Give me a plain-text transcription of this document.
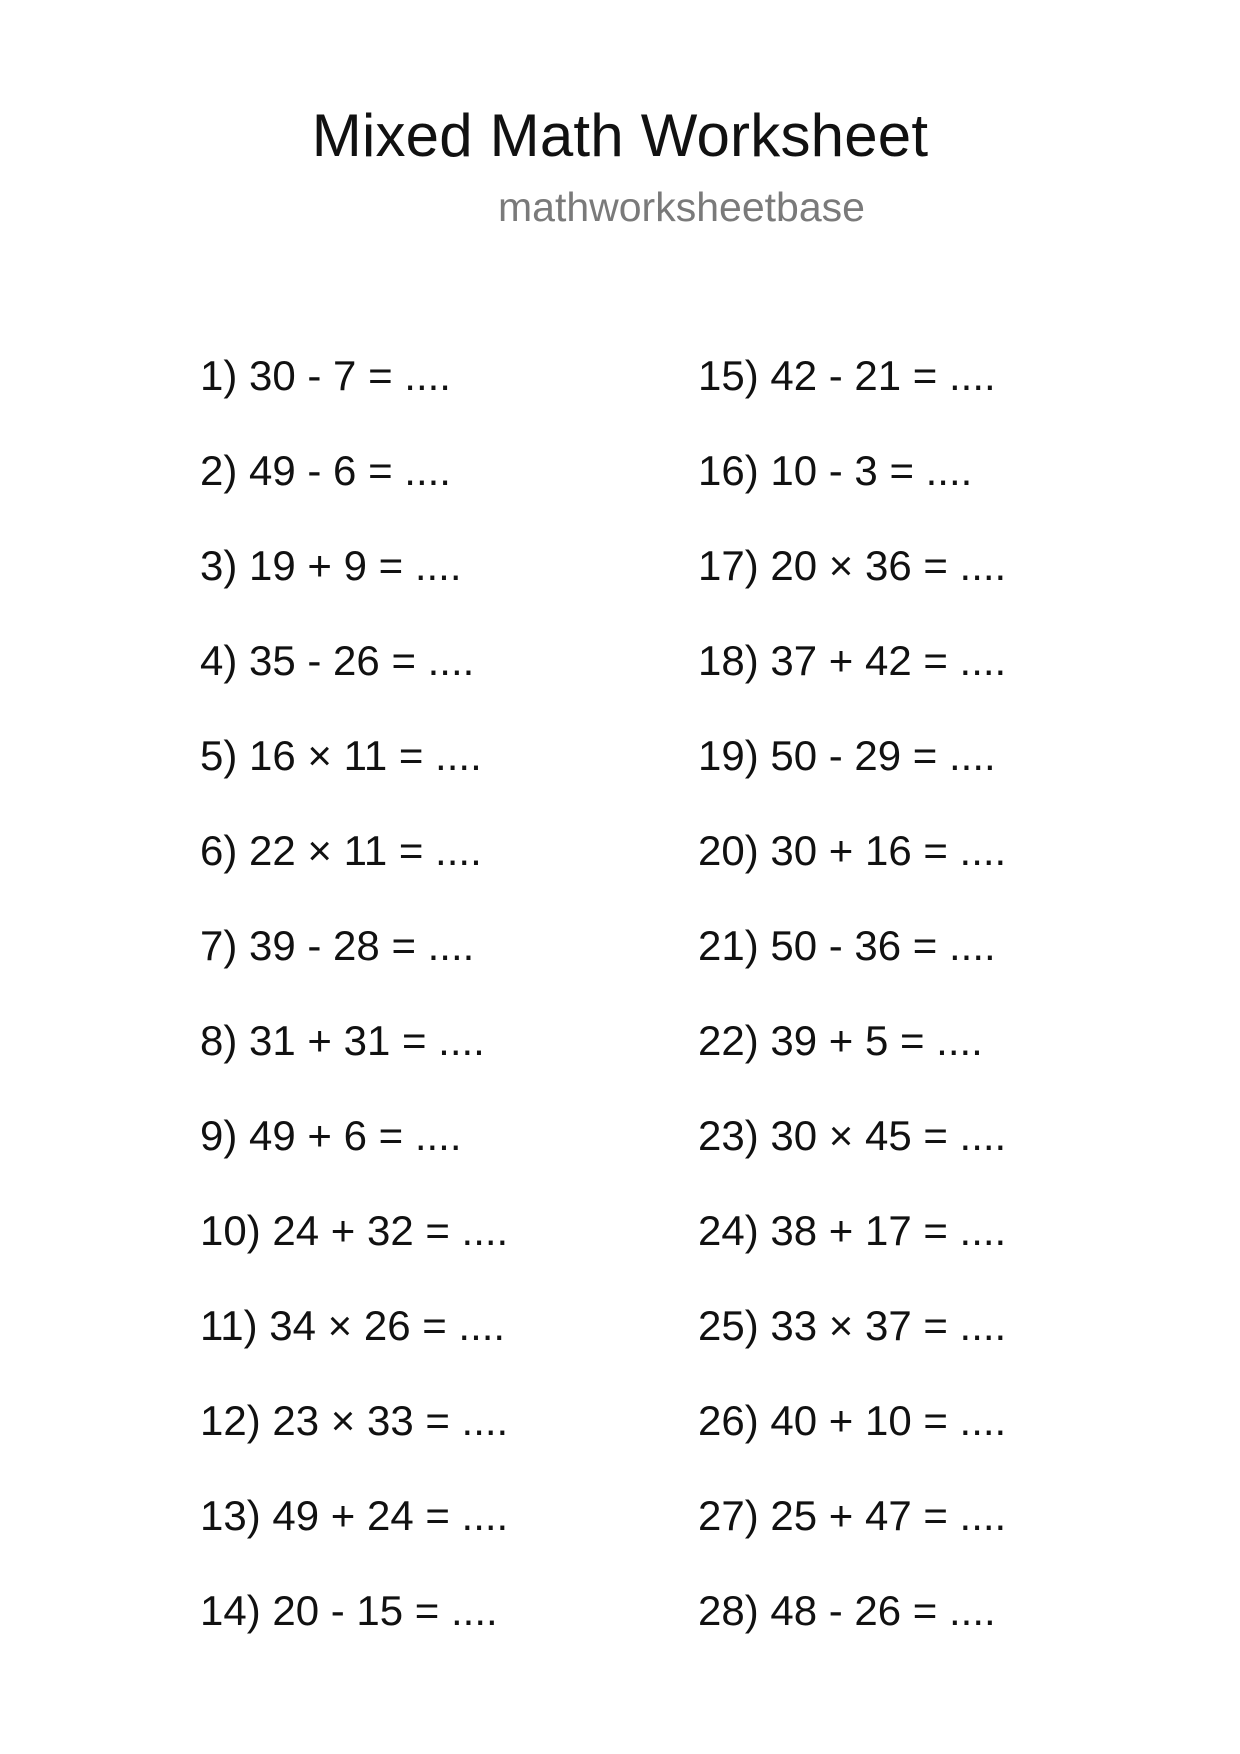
Mixed Math Worksheet
mathworksheetbase
1) 30 - 7 = ....
2) 49 - 6 = ....
3) 19 + 9 = ....
4) 35 - 26 = ....
5) 16 × 11 = ....
6) 22 × 11 = ....
7) 39 - 28 = ....
8) 31 + 31 = ....
9) 49 + 6 = ....
10) 24 + 32 = ....
11) 34 × 26 = ....
12) 23 × 33 = ....
13) 49 + 24 = ....
14) 20 - 15 = ....
15) 42 - 21 = ....
16) 10 - 3 = ....
17) 20 × 36 = ....
18) 37 + 42 = ....
19) 50 - 29 = ....
20) 30 + 16 = ....
21) 50 - 36 = ....
22) 39 + 5 = ....
23) 30 × 45 = ....
24) 38 + 17 = ....
25) 33 × 37 = ....
26) 40 + 10 = ....
27) 25 + 47 = ....
28) 48 - 26 = ....
